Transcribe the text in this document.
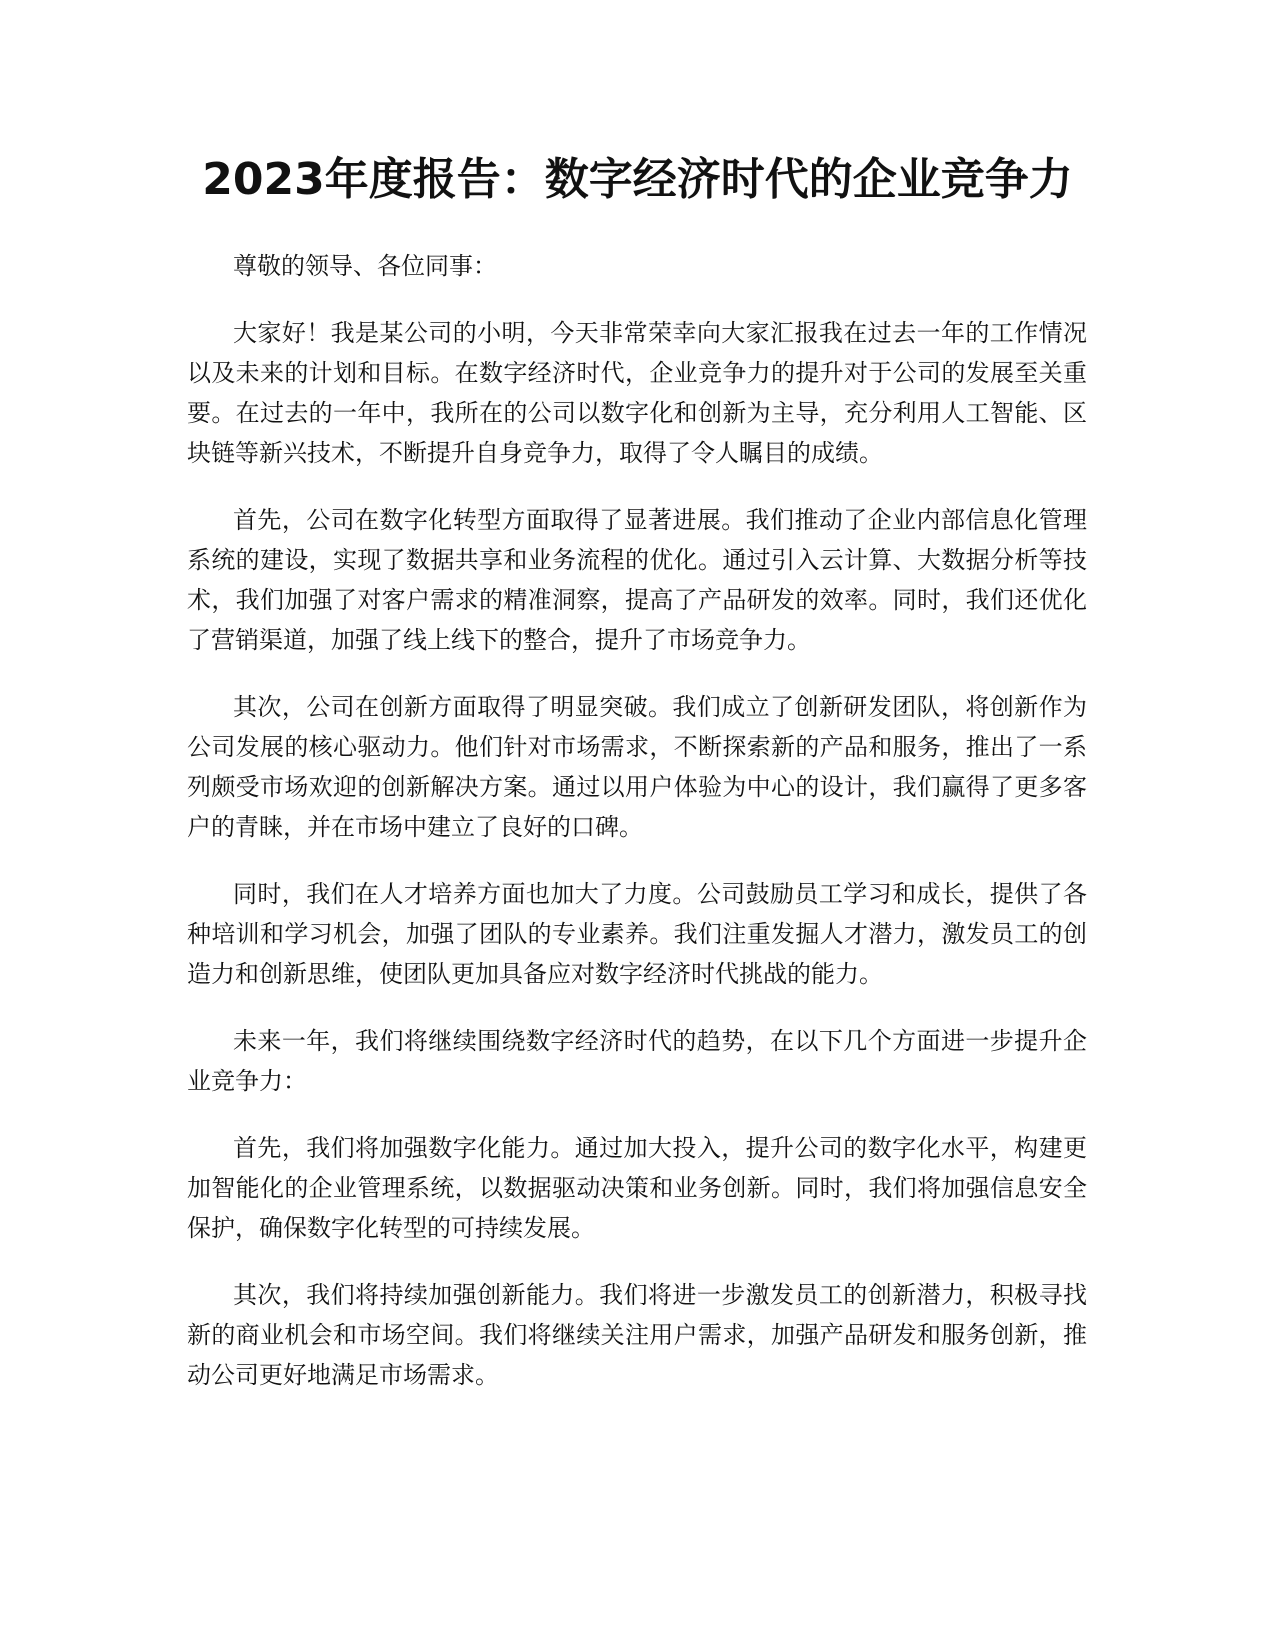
2023年度报告：数字经济时代的企业竞争力

尊敬的领导、各位同事：

大家好！我是某公司的小明，今天非常荣幸向大家汇报我在过去一年的工作情况以及未来的计划和目标。在数字经济时代，企业竞争力的提升对于公司的发展至关重要。在过去的一年中，我所在的公司以数字化和创新为主导，充分利用人工智能、区块链等新兴技术，不断提升自身竞争力，取得了令人瞩目的成绩。

首先，公司在数字化转型方面取得了显著进展。我们推动了企业内部信息化管理系统的建设，实现了数据共享和业务流程的优化。通过引入云计算、大数据分析等技术，我们加强了对客户需求的精准洞察，提高了产品研发的效率。同时，我们还优化了营销渠道，加强了线上线下的整合，提升了市场竞争力。

其次，公司在创新方面取得了明显突破。我们成立了创新研发团队，将创新作为公司发展的核心驱动力。他们针对市场需求，不断探索新的产品和服务，推出了一系列颇受市场欢迎的创新解决方案。通过以用户体验为中心的设计，我们赢得了更多客户的青睐，并在市场中建立了良好的口碑。

同时，我们在人才培养方面也加大了力度。公司鼓励员工学习和成长，提供了各种培训和学习机会，加强了团队的专业素养。我们注重发掘人才潜力，激发员工的创造力和创新思维，使团队更加具备应对数字经济时代挑战的能力。

未来一年，我们将继续围绕数字经济时代的趋势，在以下几个方面进一步提升企业竞争力：

首先，我们将加强数字化能力。通过加大投入，提升公司的数字化水平，构建更加智能化的企业管理系统，以数据驱动决策和业务创新。同时，我们将加强信息安全保护，确保数字化转型的可持续发展。

其次，我们将持续加强创新能力。我们将进一步激发员工的创新潜力，积极寻找新的商业机会和市场空间。我们将继续关注用户需求，加强产品研发和服务创新，推动公司更好地满足市场需求。
